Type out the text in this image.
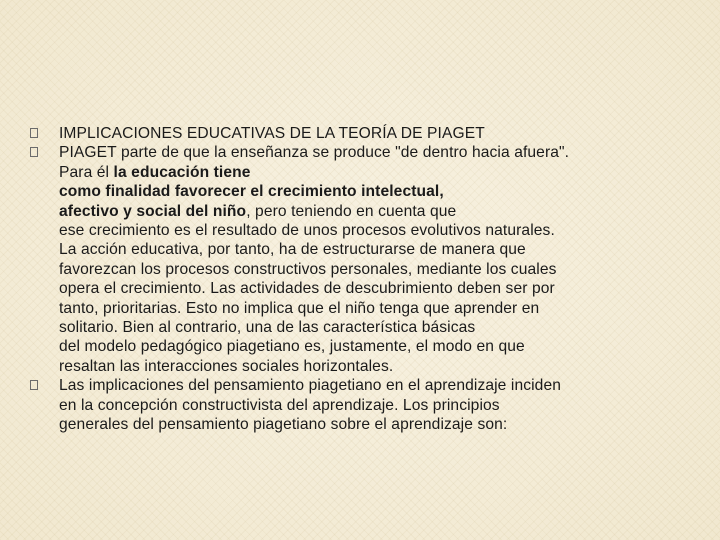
IMPLICACIONES EDUCATIVAS DE LA TEORÍA DE PIAGET
PIAGET parte de que la enseñanza se produce "de dentro hacia afuera".
Para él la educación tiene
como finalidad favorecer el crecimiento intelectual,
afectivo y social del niño, pero teniendo en cuenta que
ese crecimiento es el resultado de unos procesos evolutivos naturales.
La acción educativa, por tanto, ha de estructurarse de manera que
favorezcan los procesos constructivos personales, mediante los cuales
opera el crecimiento. Las actividades de descubrimiento deben ser por
tanto, prioritarias. Esto no implica que el niño tenga que aprender en
solitario. Bien al contrario, una de las característica básicas
del modelo pedagógico piagetiano es, justamente, el modo en que
resaltan las interacciones sociales horizontales.
Las implicaciones del pensamiento piagetiano en el aprendizaje inciden
en la concepción constructivista del aprendizaje. Los principios
generales del pensamiento piagetiano sobre el aprendizaje son:
